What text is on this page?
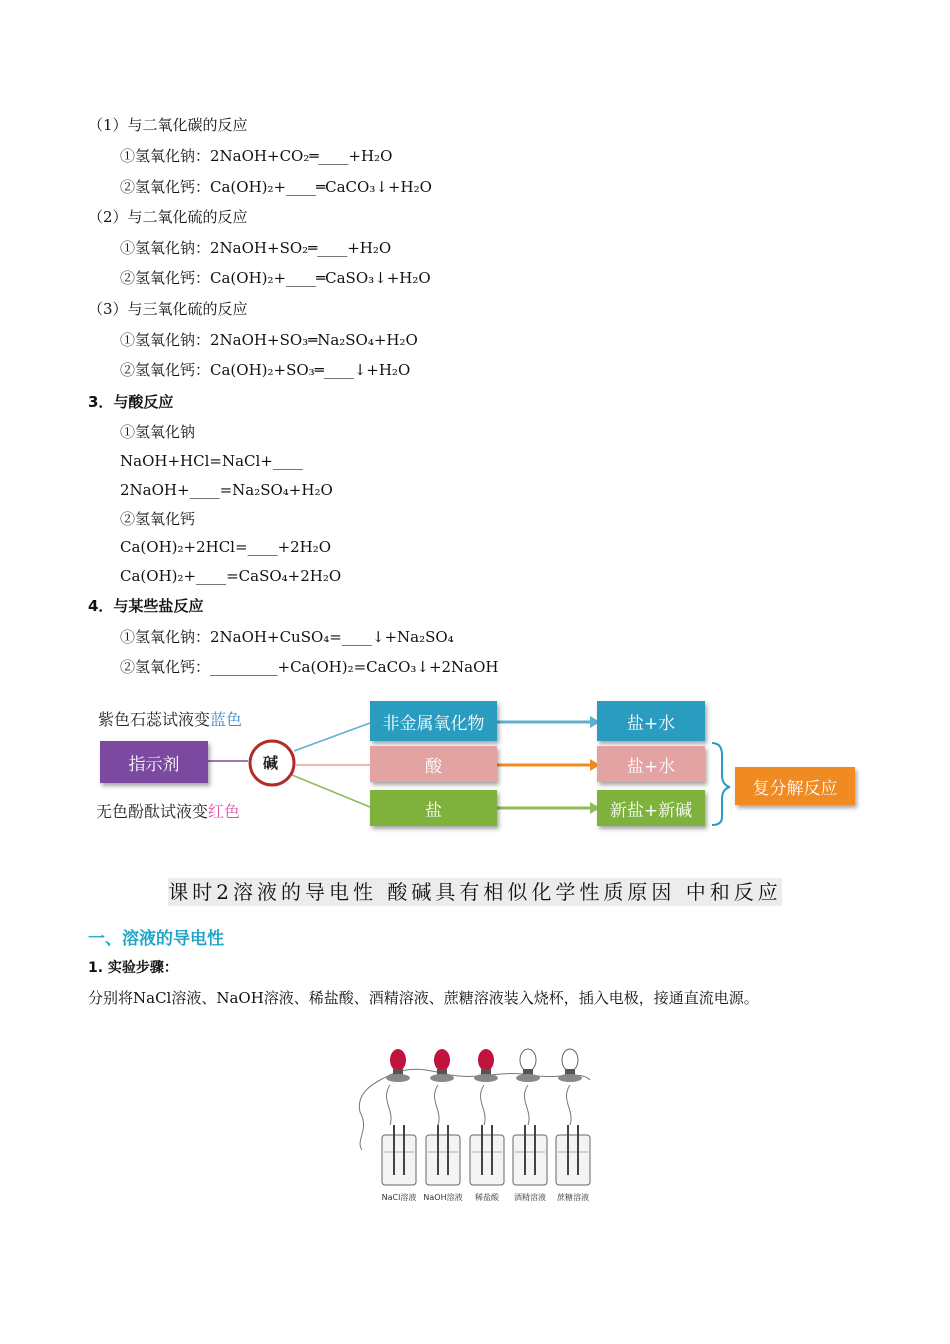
（1）与二氧化碳的反应
①氢氧化钠：2NaOH+CO₂═____+H₂O
②氢氧化钙：Ca(OH)₂+____═CaCO₃↓+H₂O
（2）与二氧化硫的反应
①氢氧化钠：2NaOH+SO₂═____+H₂O
②氢氧化钙：Ca(OH)₂+____═CaSO₃↓+H₂O
（3）与三氧化硫的反应
①氢氧化钠：2NaOH+SO₃═Na₂SO₄+H₂O
②氢氧化钙：Ca(OH)₂+SO₃═____↓+H₂O
3．与酸反应
①氢氧化钠
NaOH+HCl=NaCl+____
2NaOH+____=Na₂SO₄+H₂O
②氢氧化钙
Ca(OH)₂+2HCl=____+2H₂O
Ca(OH)₂+____=CaSO₄+2H₂O
4．与某些盐反应
①氢氧化钠：2NaOH+CuSO₄=____↓+Na₂SO₄
②氢氧化钙：_________+Ca(OH)₂=CaCO₃↓+2NaOH
紫色石蕊试液变蓝色
指示剂
无色酚酞试液变红色
碱
非金属氧化物
酸
盐
盐+水
盐+水
新盐+新碱
复分解反应
课时2溶液的导电性 酸碱具有相似化学性质原因 中和反应
一、溶液的导电性
1. 实验步骤：
分别将NaCl溶液、NaOH溶液、稀盐酸、酒精溶液、蔗糖溶液装入烧杯，插入电极，接通直流电源。
NaCl溶液 NaOH溶液 稀盐酸 酒精溶液 蔗糖溶液
